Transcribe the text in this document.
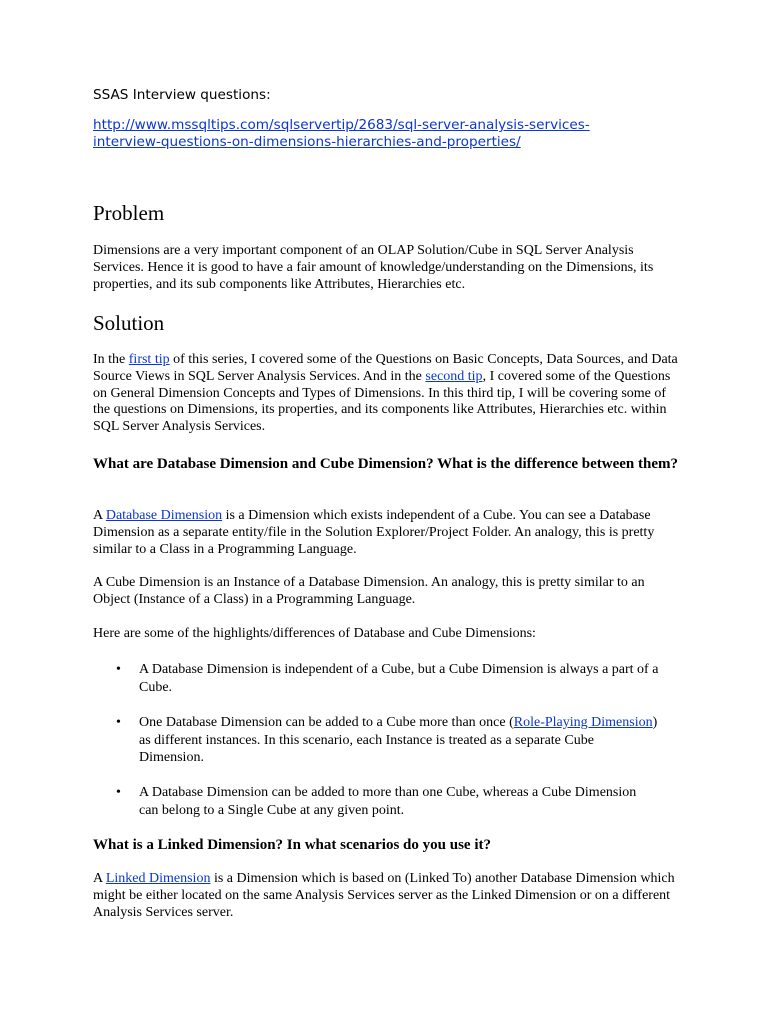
SSAS Interview questions:
http://www.mssqltips.com/sqlservertip/2683/sql-server-analysis-services-interview-questions-on-dimensions-hierarchies-and-properties/
Problem
Dimensions are a very important component of an OLAP Solution/Cube in SQL Server Analysis Services. Hence it is good to have a fair amount of knowledge/understanding on the Dimensions, its properties, and its sub components like Attributes, Hierarchies etc.
Solution
In the first tip of this series, I covered some of the Questions on Basic Concepts, Data Sources, and Data Source Views in SQL Server Analysis Services. And in the second tip, I covered some of the Questions on General Dimension Concepts and Types of Dimensions. In this third tip, I will be covering some of the questions on Dimensions, its properties, and its components like Attributes, Hierarchies etc. within SQL Server Analysis Services.
What are Database Dimension and Cube Dimension? What is the difference between them?
A Database Dimension is a Dimension which exists independent of a Cube. You can see a Database Dimension as a separate entity/file in the Solution Explorer/Project Folder. An analogy, this is pretty similar to a Class in a Programming Language.
A Cube Dimension is an Instance of a Database Dimension. An analogy, this is pretty similar to an Object (Instance of a Class) in a Programming Language.
Here are some of the highlights/differences of Database and Cube Dimensions:
•	A Database Dimension is independent of a Cube, but a Cube Dimension is always a part of a Cube.
•	One Database Dimension can be added to a Cube more than once (Role-Playing Dimension) as different instances. In this scenario, each Instance is treated as a separate Cube Dimension.
•	A Database Dimension can be added to more than one Cube, whereas a Cube Dimension can belong to a Single Cube at any given point.
What is a Linked Dimension? In what scenarios do you use it?
A Linked Dimension is a Dimension which is based on (Linked To) another Database Dimension which might be either located on the same Analysis Services server as the Linked Dimension or on a different Analysis Services server.
